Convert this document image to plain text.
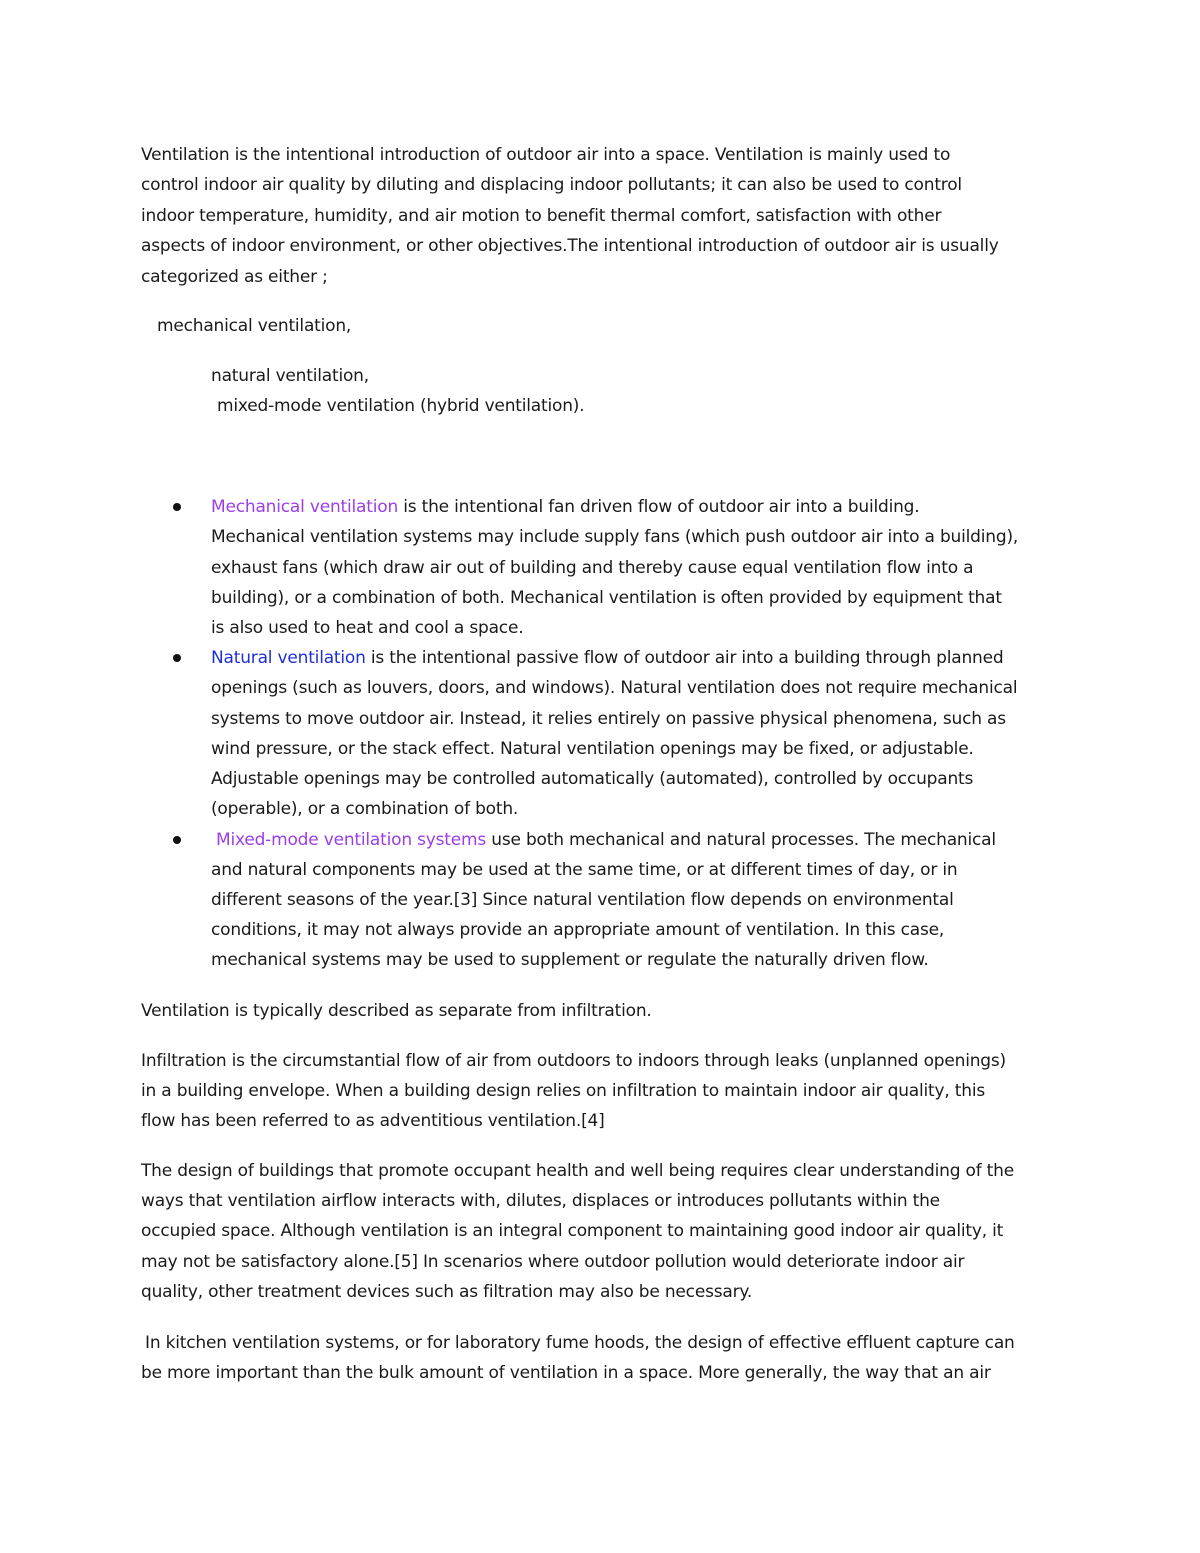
Ventilation is the intentional introduction of outdoor air into a space. Ventilation is mainly used to
control indoor air quality by diluting and displacing indoor pollutants; it can also be used to control
indoor temperature, humidity, and air motion to benefit thermal comfort, satisfaction with other
aspects of indoor environment, or other objectives.The intentional introduction of outdoor air is usually
categorized as either ;
mechanical ventilation,
natural ventilation,
mixed-mode ventilation (hybrid ventilation).
Mechanical ventilation is the intentional fan driven flow of outdoor air into a building.
Mechanical ventilation systems may include supply fans (which push outdoor air into a building),
exhaust fans (which draw air out of building and thereby cause equal ventilation flow into a
building), or a combination of both. Mechanical ventilation is often provided by equipment that
is also used to heat and cool a space.
Natural ventilation is the intentional passive flow of outdoor air into a building through planned
openings (such as louvers, doors, and windows). Natural ventilation does not require mechanical
systems to move outdoor air. Instead, it relies entirely on passive physical phenomena, such as
wind pressure, or the stack effect. Natural ventilation openings may be fixed, or adjustable.
Adjustable openings may be controlled automatically (automated), controlled by occupants
(operable), or a combination of both.
Mixed-mode ventilation systems use both mechanical and natural processes. The mechanical
and natural components may be used at the same time, or at different times of day, or in
different seasons of the year.[3] Since natural ventilation flow depends on environmental
conditions, it may not always provide an appropriate amount of ventilation. In this case,
mechanical systems may be used to supplement or regulate the naturally driven flow.
Ventilation is typically described as separate from infiltration.
Infiltration is the circumstantial flow of air from outdoors to indoors through leaks (unplanned openings)
in a building envelope. When a building design relies on infiltration to maintain indoor air quality, this
flow has been referred to as adventitious ventilation.[4]
The design of buildings that promote occupant health and well being requires clear understanding of the
ways that ventilation airflow interacts with, dilutes, displaces or introduces pollutants within the
occupied space. Although ventilation is an integral component to maintaining good indoor air quality, it
may not be satisfactory alone.[5] In scenarios where outdoor pollution would deteriorate indoor air
quality, other treatment devices such as filtration may also be necessary.
In kitchen ventilation systems, or for laboratory fume hoods, the design of effective effluent capture can
be more important than the bulk amount of ventilation in a space. More generally, the way that an air
